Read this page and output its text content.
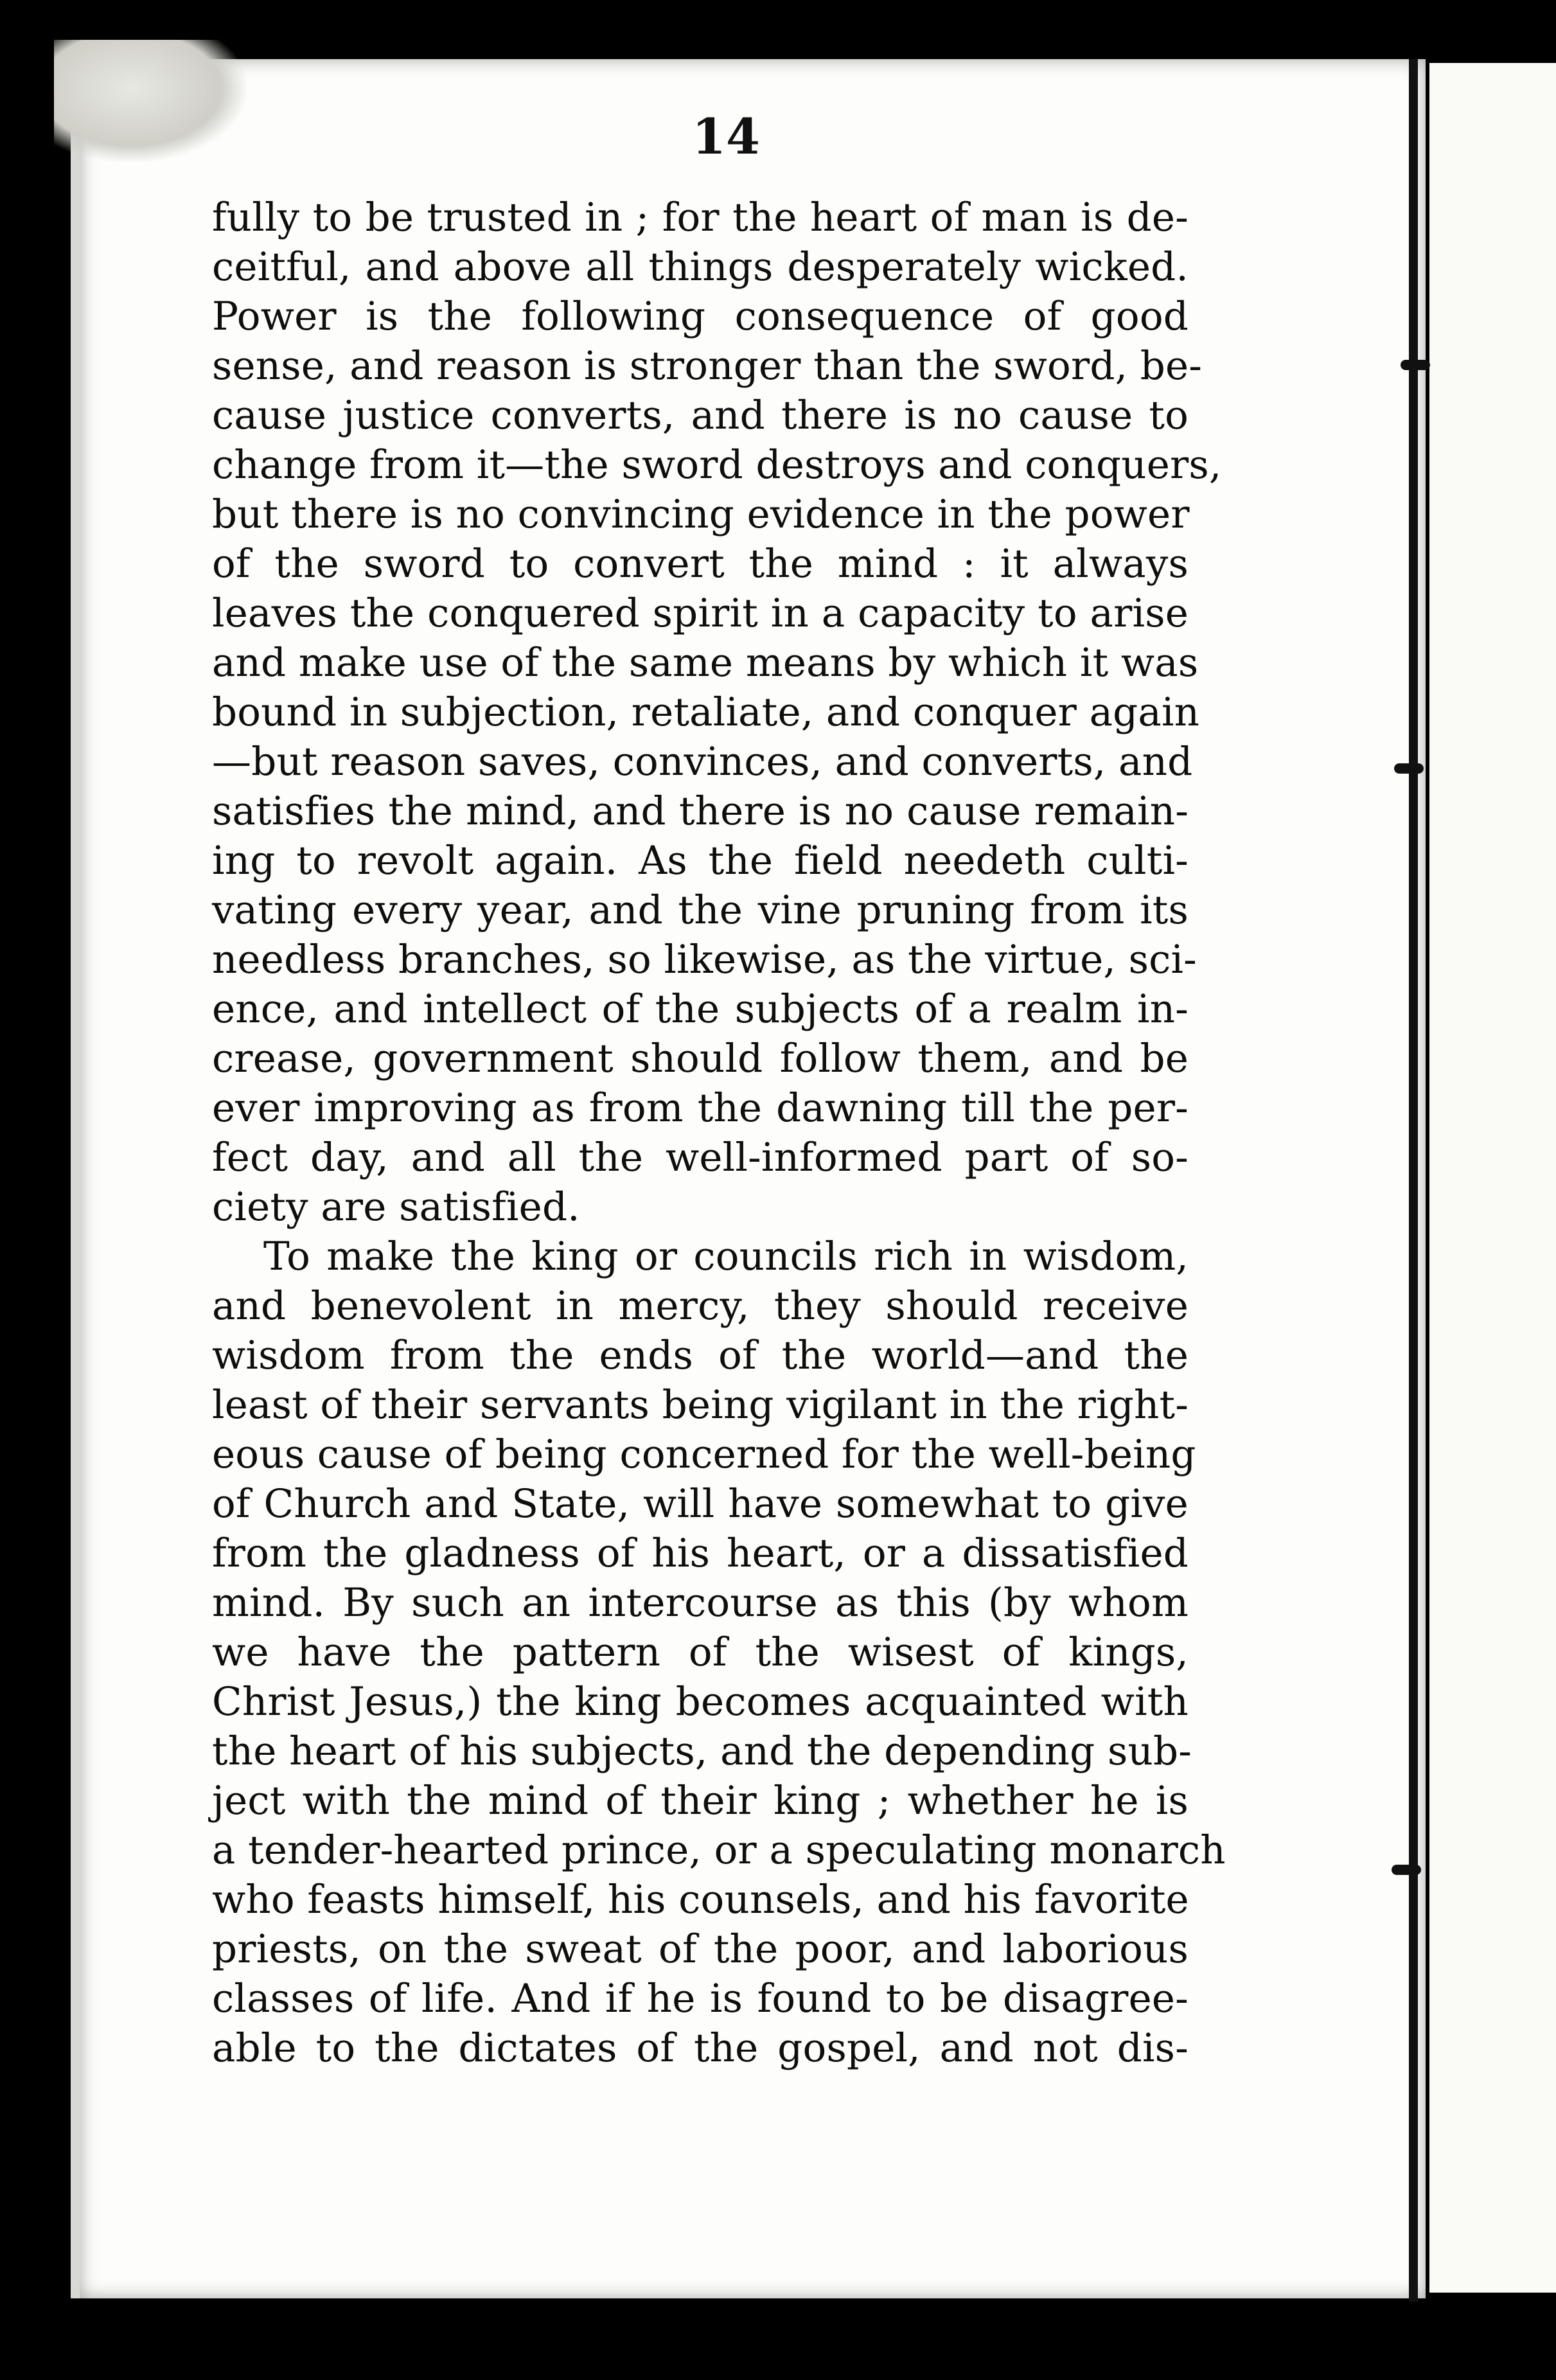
14
fully to be trusted in ; for the heart of man is de-
ceitful, and above all things desperately wicked.
Power is the following consequence of good
sense, and reason is stronger than the sword, be-
cause justice converts, and there is no cause to
change from it—the sword destroys and conquers,
but there is no convincing evidence in the power
of the sword to convert the mind : it always
leaves the conquered spirit in a capacity to arise
and make use of the same means by which it was
bound in subjection, retaliate, and conquer again
—but reason saves, convinces, and converts, and
satisfies the mind, and there is no cause remain-
ing to revolt again. As the field needeth culti-
vating every year, and the vine pruning from its
needless branches, so likewise, as the virtue, sci-
ence, and intellect of the subjects of a realm in-
crease, government should follow them, and be
ever improving as from the dawning till the per-
fect day, and all the well-informed part of so-
ciety are satisfied.
To make the king or councils rich in wisdom,
and benevolent in mercy, they should receive
wisdom from the ends of the world—and the
least of their servants being vigilant in the right-
eous cause of being concerned for the well-being
of Church and State, will have somewhat to give
from the gladness of his heart, or a dissatisfied
mind. By such an intercourse as this (by whom
we have the pattern of the wisest of kings,
Christ Jesus,) the king becomes acquainted with
the heart of his subjects, and the depending sub-
ject with the mind of their king ; whether he is
a tender-hearted prince, or a speculating monarch
who feasts himself, his counsels, and his favorite
priests, on the sweat of the poor, and laborious
classes of life. And if he is found to be disagree-
able to the dictates of the gospel, and not dis-
